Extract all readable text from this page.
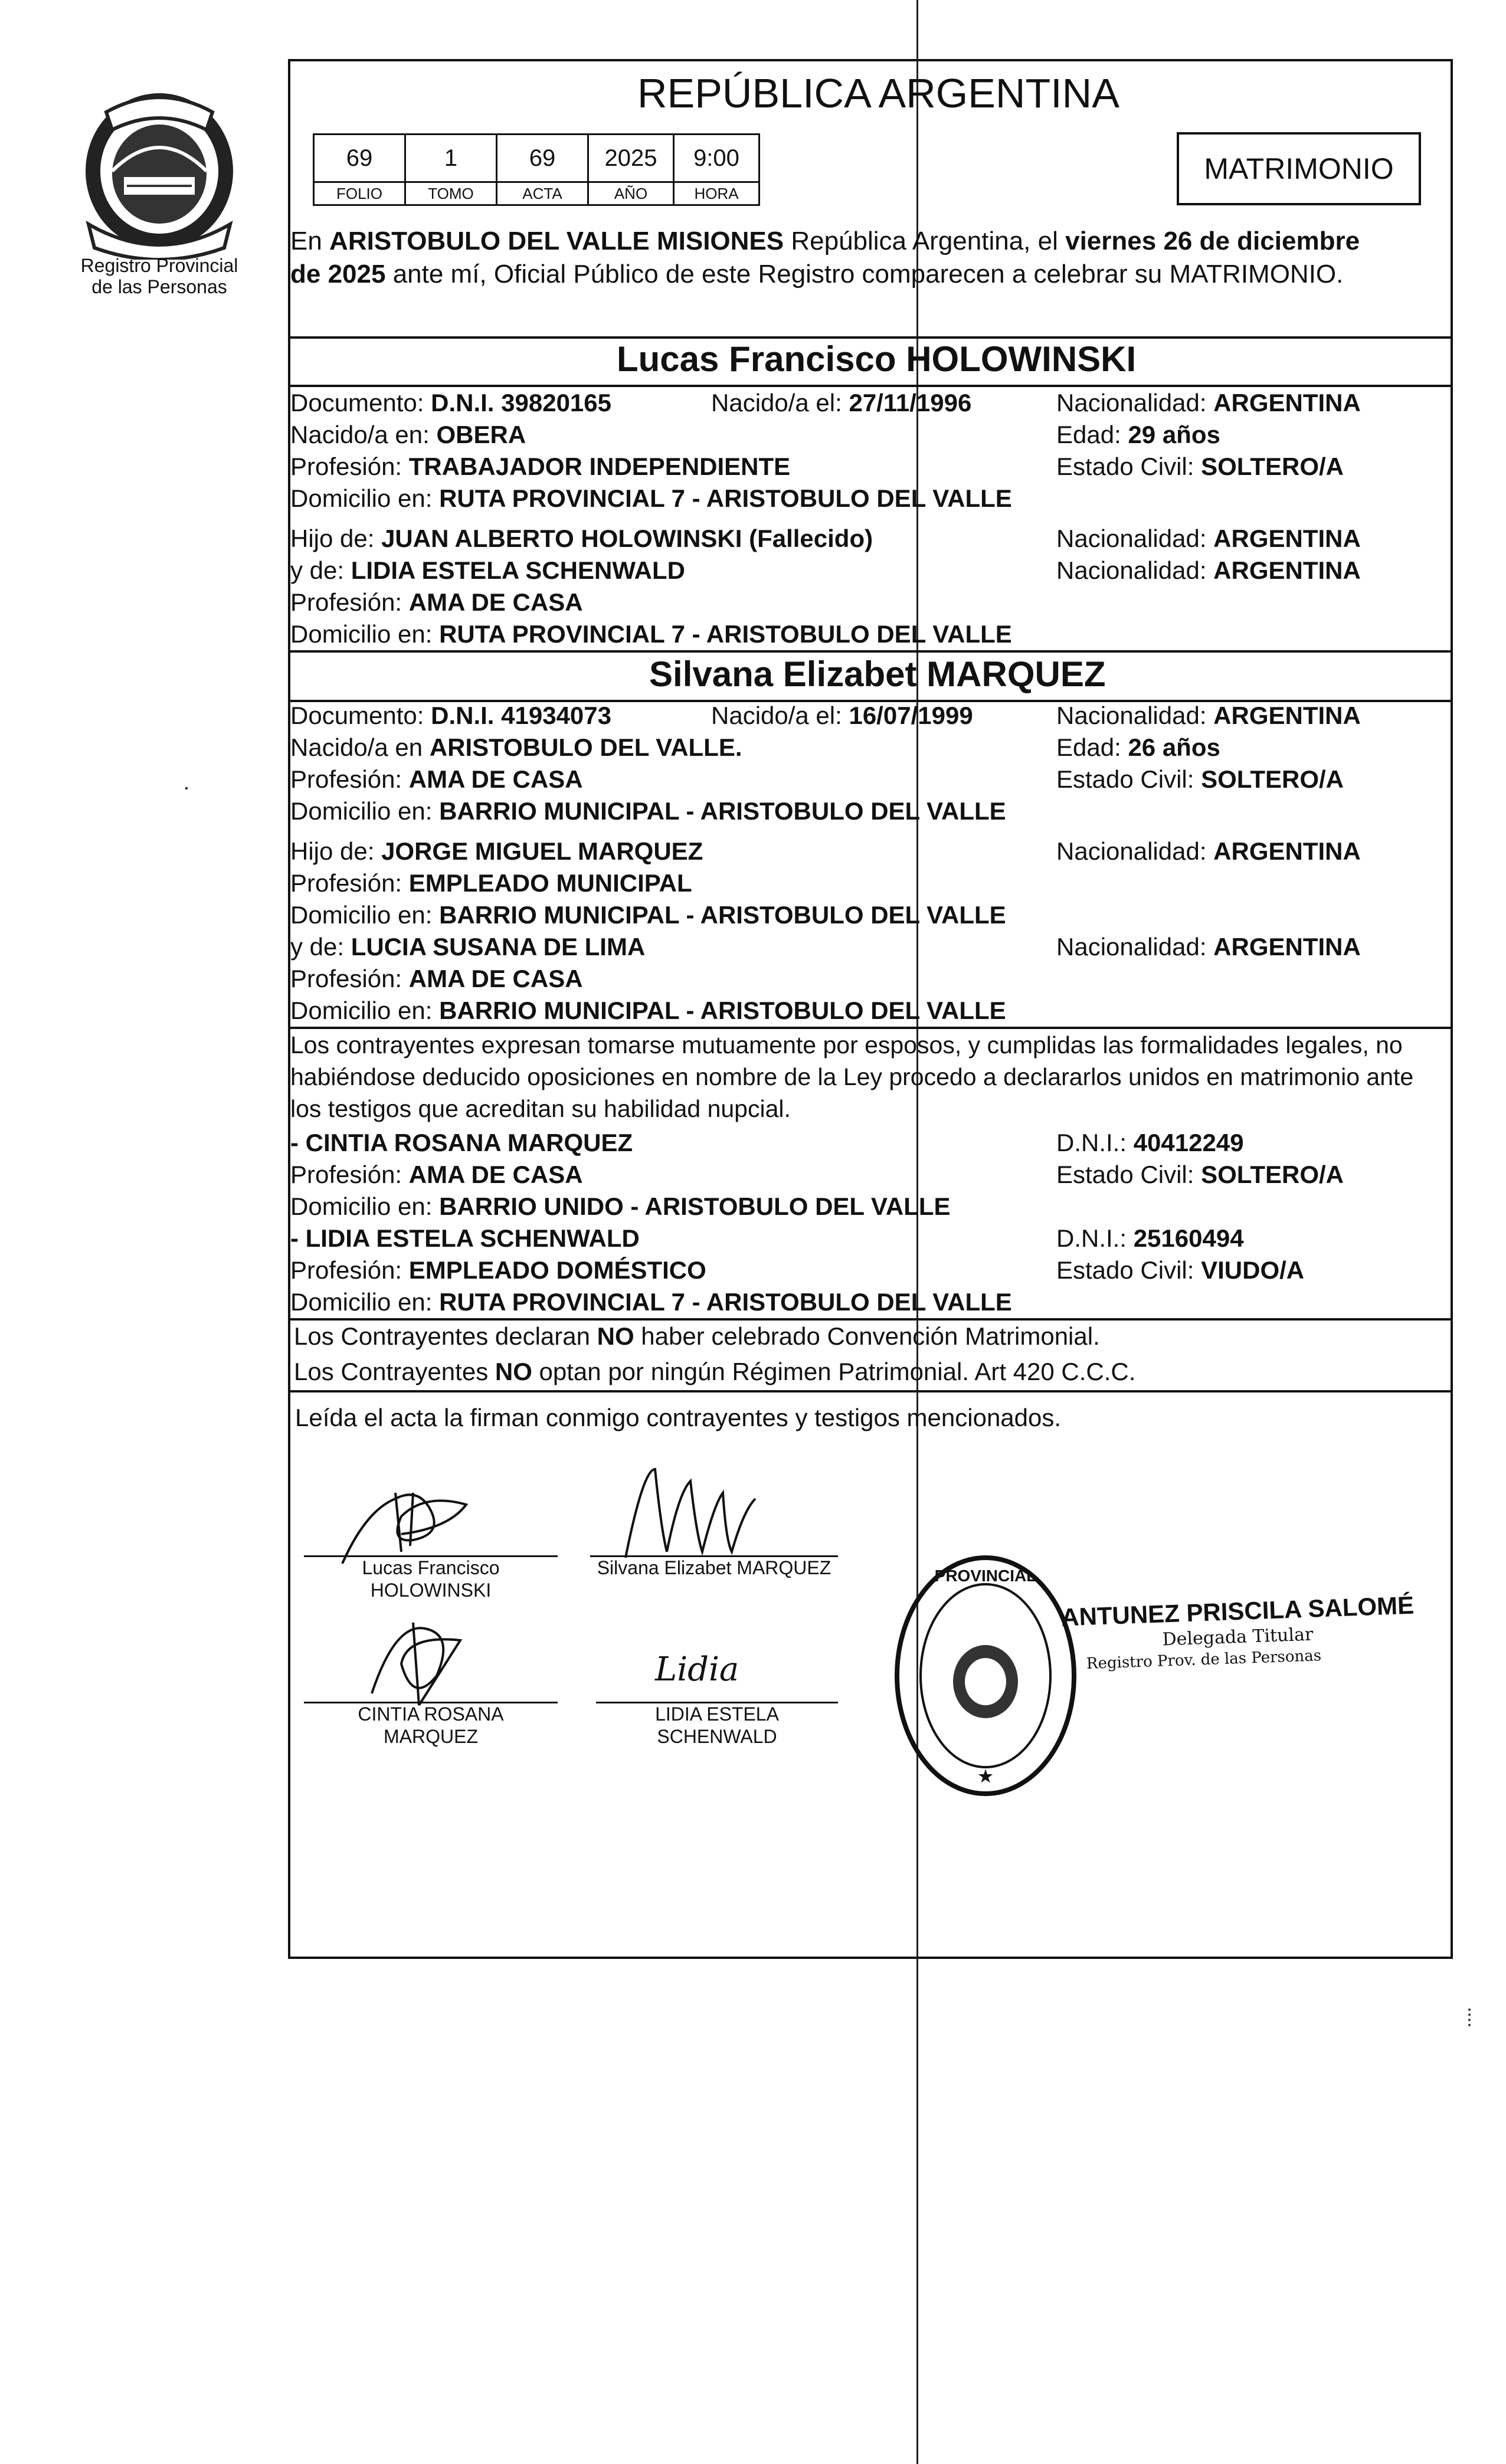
Registro Provincial
de las Personas
REPÚBLICA ARGENTINA
69	1	69	2025	9:00
FOLIO	TOMO	ACTA	AÑO	HORA
MATRIMONIO
En ARISTOBULO DEL VALLE MISIONES República Argentina, el viernes 26 de diciembre
de 2025 ante mí, Oficial Público de este Registro comparecen a celebrar su MATRIMONIO.
Lucas Francisco HOLOWINSKI
Documento: D.N.I. 39820165	Nacido/a el: 27/11/1996	Nacionalidad: ARGENTINA
Nacido/a en: OBERA	Edad: 29 años
Profesión: TRABAJADOR INDEPENDIENTE	Estado Civil: SOLTERO/A
Domicilio en: RUTA PROVINCIAL 7 - ARISTOBULO DEL VALLE
Hijo de: JUAN ALBERTO HOLOWINSKI (Fallecido)	Nacionalidad: ARGENTINA
y de: LIDIA ESTELA SCHENWALD	Nacionalidad: ARGENTINA
Profesión: AMA DE CASA
Domicilio en: RUTA PROVINCIAL 7 - ARISTOBULO DEL VALLE
Silvana Elizabet MARQUEZ
Documento: D.N.I. 41934073	Nacido/a el: 16/07/1999	Nacionalidad: ARGENTINA
Nacido/a en ARISTOBULO DEL VALLE.	Edad: 26 años
Profesión: AMA DE CASA	Estado Civil: SOLTERO/A
Domicilio en: BARRIO MUNICIPAL - ARISTOBULO DEL VALLE
Hijo de: JORGE MIGUEL MARQUEZ	Nacionalidad: ARGENTINA
Profesión: EMPLEADO MUNICIPAL
Domicilio en: BARRIO MUNICIPAL - ARISTOBULO DEL VALLE
y de: LUCIA SUSANA DE LIMA	Nacionalidad: ARGENTINA
Profesión: AMA DE CASA
Domicilio en: BARRIO MUNICIPAL - ARISTOBULO DEL VALLE
Los contrayentes expresan tomarse mutuamente por esposos, y cumplidas las formalidades legales, no
habiéndose deducido oposiciones en nombre de la Ley procedo a declararlos unidos en matrimonio ante
los testigos que acreditan su habilidad nupcial.
- CINTIA ROSANA MARQUEZ	D.N.I.: 40412249
Profesión: AMA DE CASA	Estado Civil: SOLTERO/A
Domicilio en: BARRIO UNIDO - ARISTOBULO DEL VALLE
- LIDIA ESTELA SCHENWALD	D.N.I.: 25160494
Profesión: EMPLEADO DOMÉSTICO	Estado Civil: VIUDO/A
Domicilio en: RUTA PROVINCIAL 7 - ARISTOBULO DEL VALLE
Los Contrayentes declaran NO haber celebrado Convención Matrimonial.
Los Contrayentes NO optan por ningún Régimen Patrimonial. Art 420 C.C.C.
Leída el acta la firman conmigo contrayentes y testigos mencionados.
Lucas Francisco
HOLOWINSKI
Silvana Elizabet MARQUEZ
CINTIA ROSANA
MARQUEZ
Lidia
LIDIA ESTELA
SCHENWALD
PROVINCIAL
★
ANTUNEZ PRISCILA SALOMÉ
Delegada Titular
Registro Prov. de las Personas
